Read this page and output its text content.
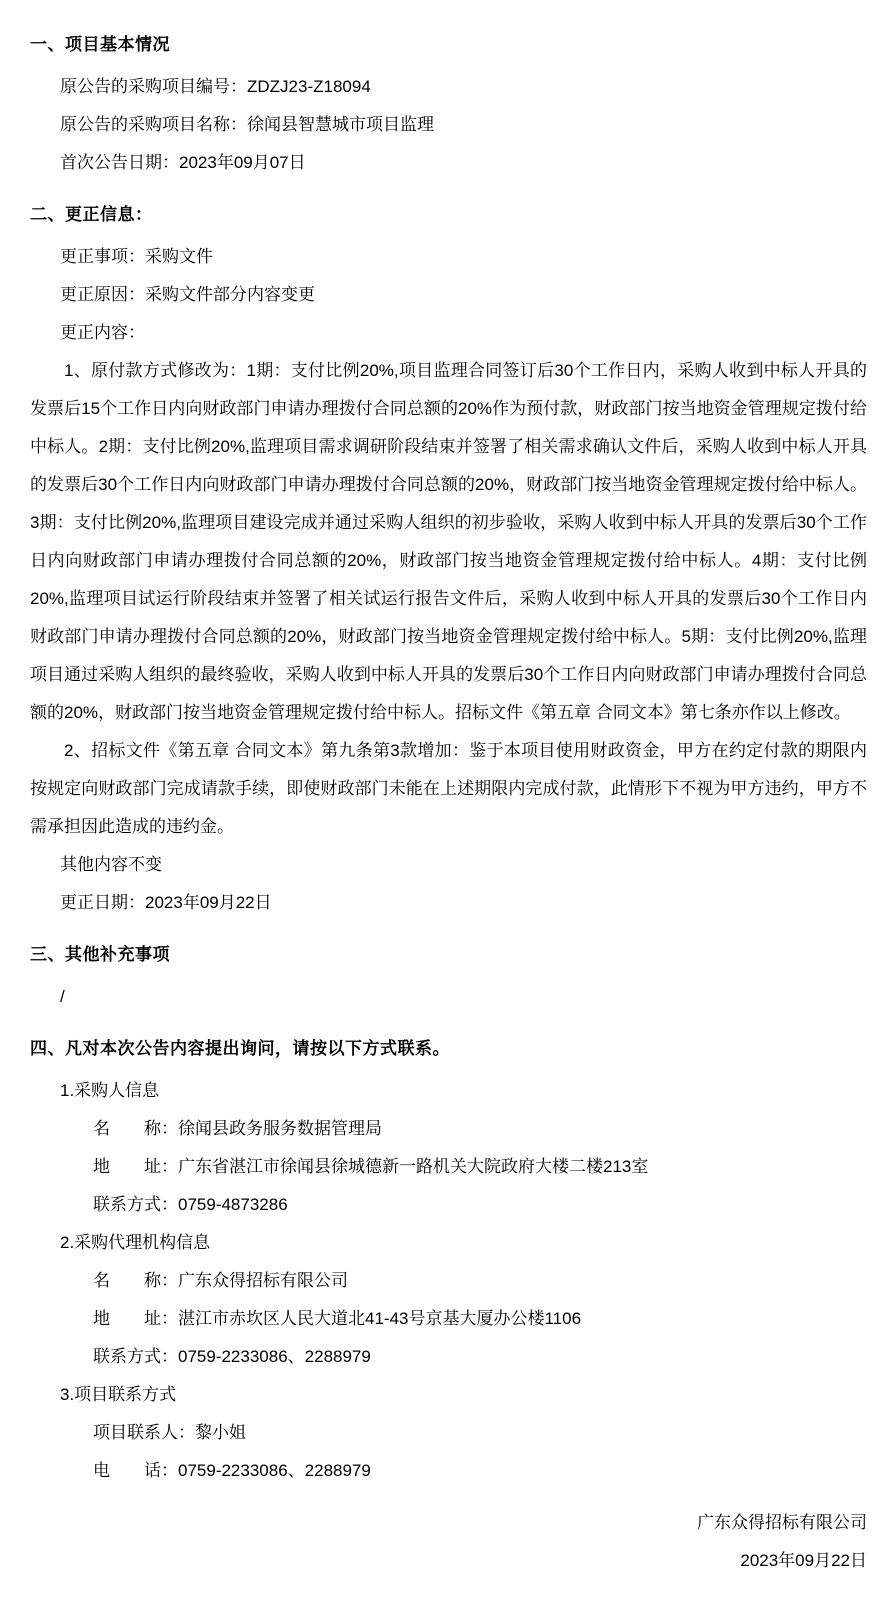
一、项目基本情况
原公告的采购项目编号：ZDZJ23-Z18094
原公告的采购项目名称：徐闻县智慧城市项目监理
首次公告日期：2023年09月07日
二、更正信息：
更正事项：采购文件
更正原因：采购文件部分内容变更
更正内容：

1、原付款方式修改为：1期：支付比例20%,项目监理合同签订后30个工作日内，采购人收到中标人开具的发票后15个工作日内向财政部门申请办理拨付合同总额的20%作为预付款，财政部门按当地资金管理规定拨付给中标人。2期：支付比例20%,监理项目需求调研阶段结束并签署了相关需求确认文件后，采购人收到中标人开具的发票后30个工作日内向财政部门申请办理拨付合同总额的20%，财政部门按当地资金管理规定拨付给中标人。3期：支付比例20%,监理项目建设完成并通过采购人组织的初步验收，采购人收到中标人开具的发票后30个工作日内向财政部门申请办理拨付合同总额的20%，财政部门按当地资金管理规定拨付给中标人。4期：支付比例20%,监理项目试运行阶段结束并签署了相关试运行报告文件后，采购人收到中标人开具的发票后30个工作日内财政部门申请办理拨付合同总额的20%，财政部门按当地资金管理规定拨付给中标人。5期：支付比例20%,监理项目通过采购人组织的最终验收，采购人收到中标人开具的发票后30个工作日内向财政部门申请办理拨付合同总额的20%，财政部门按当地资金管理规定拨付给中标人。招标文件《第五章 合同文本》第七条亦作以上修改。

2、招标文件《第五章 合同文本》第九条第3款增加：鉴于本项目使用财政资金，甲方在约定付款的期限内按规定向财政部门完成请款手续，即使财政部门未能在上述期限内完成付款，此情形下不视为甲方违约，甲方不需承担因此造成的违约金。

其他内容不变
更正日期：2023年09月22日
三、其他补充事项
/
四、凡对本次公告内容提出询问，请按以下方式联系。
1.采购人信息
名　　称：徐闻县政务服务数据管理局
地　　址：广东省湛江市徐闻县徐城德新一路机关大院政府大楼二楼213室
联系方式：0759-4873286
2.采购代理机构信息
名　　称：广东众得招标有限公司
地　　址：湛江市赤坎区人民大道北41-43号京基大厦办公楼1106
联系方式：0759-2233086、2288979
3.项目联系方式
项目联系人：黎小姐
电　　话：0759-2233086、2288979
广东众得招标有限公司
2023年09月22日
